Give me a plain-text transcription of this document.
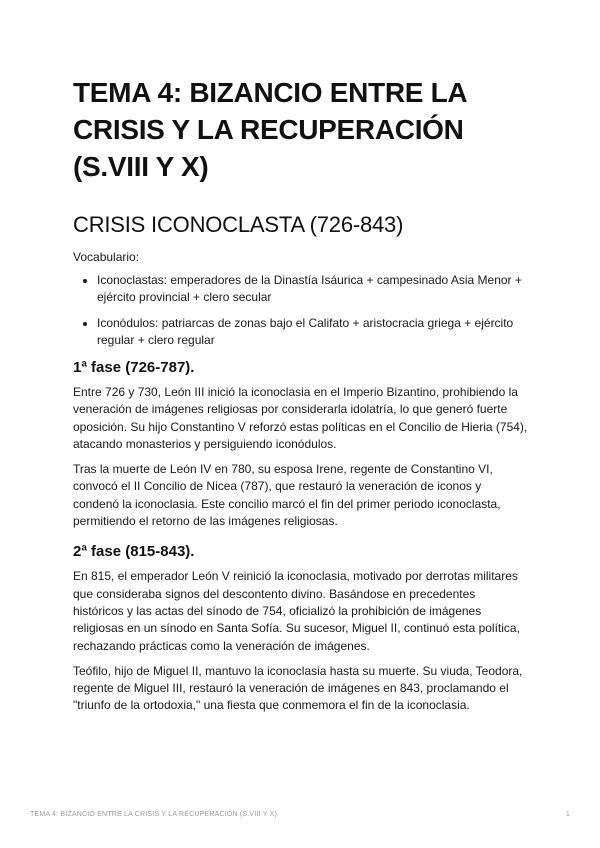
TEMA 4: BIZANCIO ENTRE LA CRISIS Y LA RECUPERACIÓN (S.VIII Y X)
CRISIS ICONOCLASTA (726-843)
Vocabulario:
• Iconoclastas: emperadores de la Dinastía Isáurica + campesinado Asia Menor + ejército provincial + clero secular
• Iconódulos: patriarcas de zonas bajo el Califato + aristocracia griega + ejército regular + clero regular
1ª fase (726-787).

Entre 726 y 730, León III inició la iconoclasia en el Imperio Bizantino, prohibiendo la veneración de imágenes religiosas por considerarla idolatría, lo que generó fuerte oposición. Su hijo Constantino V reforzó estas políticas en el Concilio de Hieria (754), atacando monasterios y persiguiendo iconódulos.

Tras la muerte de León IV en 780, su esposa Irene, regente de Constantino VI, convocó el II Concilio de Nicea (787), que restauró la veneración de iconos y condenó la iconoclasia. Este concilio marcó el fin del primer periodo iconoclasta, permitiendo el retorno de las imágenes religiosas.

2ª fase (815-843).

En 815, el emperador León V reinició la iconoclasia, motivado por derrotas militares que consideraba signos del descontento divino. Basándose en precedentes históricos y las actas del sínodo de 754, oficializó la prohibición de imágenes religiosas en un sínodo en Santa Sofía. Su sucesor, Miguel II, continuó esta política, rechazando prácticas como la veneración de imágenes.

Teófilo, hijo de Miguel II, mantuvo la iconoclasia hasta su muerte. Su viuda, Teodora, regente de Miguel III, restauró la veneración de imágenes en 843, proclamando el "triunfo de la ortodoxia," una fiesta que conmemora el fin de la iconoclasia.

TEMA 4: BIZANCIO ENTRE LA CRISIS Y LA RECUPERACIÓN (S.VIII Y X)	1
